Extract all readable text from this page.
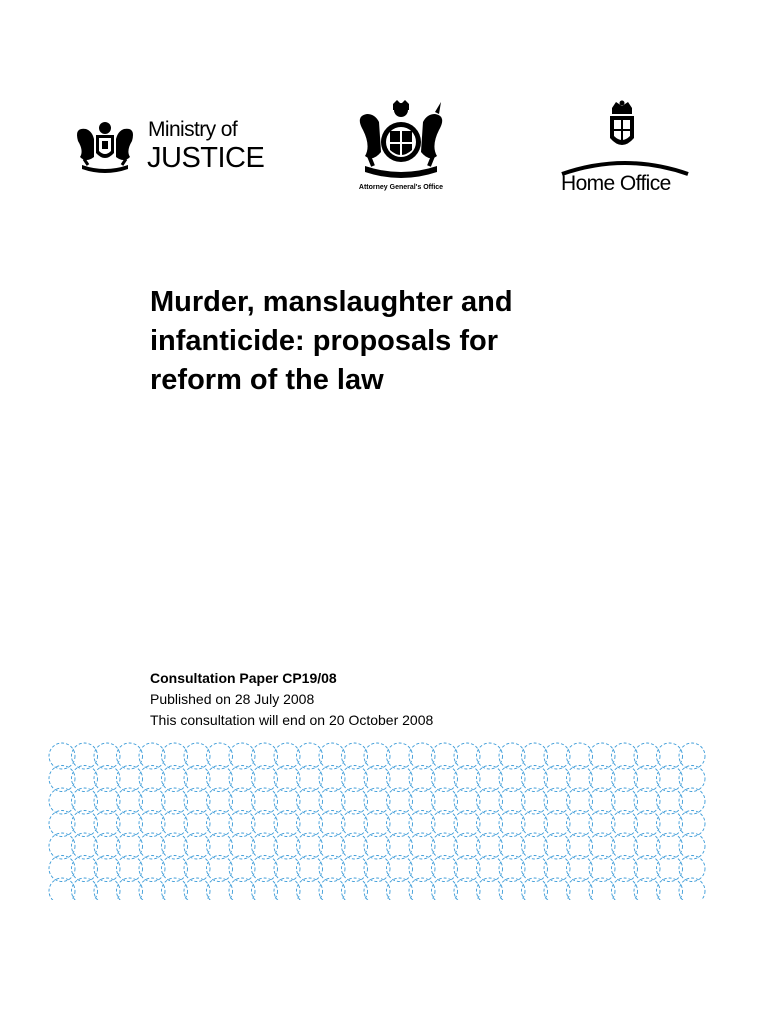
Ministry of
JUSTICE
Attorney General's Office	Home Office
Murder, manslaughter and
infanticide: proposals for
reform of the law
Consultation Paper CP19/08
Published on 28 July 2008
This consultation will end on 20 October 2008
